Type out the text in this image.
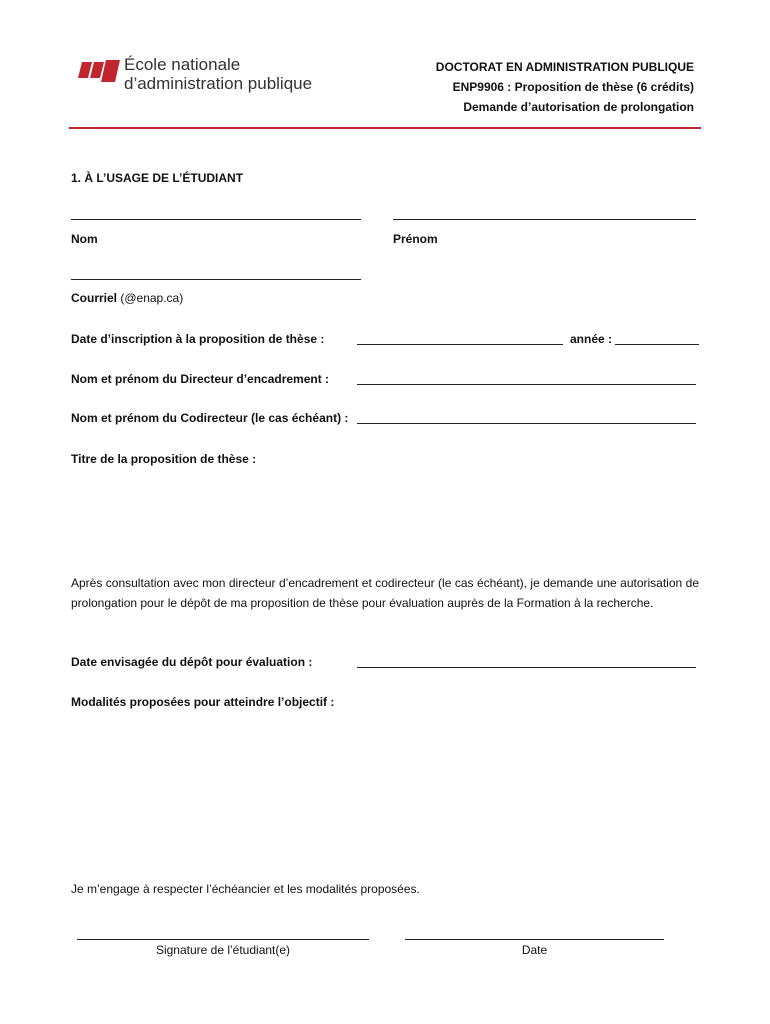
École nationale
d’administration publique
DOCTORAT EN ADMINISTRATION PUBLIQUE
ENP9906 : Proposition de thèse (6 crédits)
Demande d’autorisation de prolongation
1. À L’USAGE DE L’ÉTUDIANT
Nom	Prénom
Courriel (@enap.ca)
Date d’inscription à la proposition de thèse :	année :
Nom et prénom du Directeur d’encadrement :
Nom et prénom du Codirecteur (le cas échéant) :
Titre de la proposition de thèse :
Après consultation avec mon directeur d’encadrement et codirecteur (le cas échéant), je demande une autorisation de prolongation pour le dépôt de ma proposition de thèse pour évaluation auprès de la Formation à la recherche.
Date envisagée du dépôt pour évaluation :
Modalités proposées pour atteindre l’objectif :
Je m’engage à respecter l’échéancier et les modalités proposées.
Signature de l’étudiant(e)	Date
